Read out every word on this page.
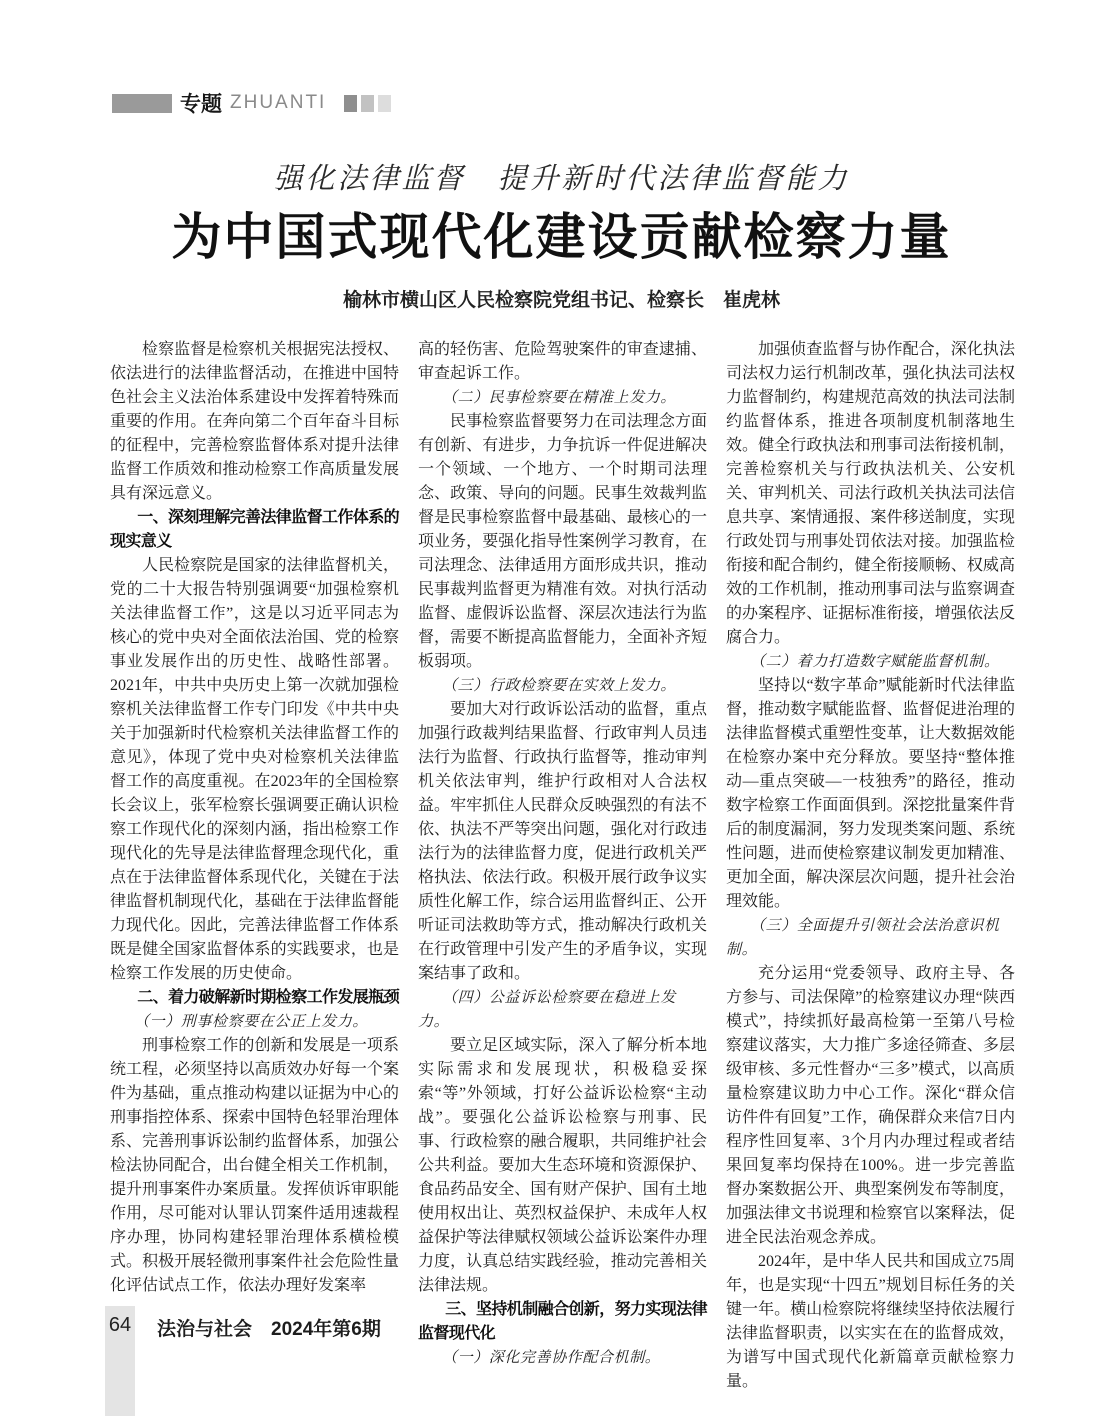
专题 ZHUANTI

强化法律监督　提升新时代法律监督能力

为中国式现代化建设贡献检察力量

榆林市横山区人民检察院党组书记、检察长　崔虎林

检察监督是检察机关根据宪法授权、依法进行的法律监督活动，在推进中国特色社会主义法治体系建设中发挥着特殊而重要的作用。在奔向第二个百年奋斗目标的征程中，完善检察监督体系对提升法律监督工作质效和推动检察工作高质量发展具有深远意义。

一、深刻理解完善法律监督工作体系的现实意义

人民检察院是国家的法律监督机关，党的二十大报告特别强调要“加强检察机关法律监督工作”，这是以习近平同志为核心的党中央对全面依法治国、党的检察事业发展作出的历史性、战略性部署。2021年，中共中央历史上第一次就加强检察机关法律监督工作专门印发《中共中央关于加强新时代检察机关法律监督工作的意见》，体现了党中央对检察机关法律监督工作的高度重视。在2023年的全国检察长会议上，张军检察长强调要正确认识检察工作现代化的深刻内涵，指出检察工作现代化的先导是法律监督理念现代化，重点在于法律监督体系现代化，关键在于法律监督机制现代化，基础在于法律监督能力现代化。因此，完善法律监督工作体系既是健全国家监督体系的实践要求，也是检察工作发展的历史使命。

二、着力破解新时期检察工作发展瓶颈

（一）刑事检察要在公正上发力。

刑事检察工作的创新和发展是一项系统工程，必须坚持以高质效办好每一个案件为基础，重点推动构建以证据为中心的刑事指控体系、探索中国特色轻罪治理体系、完善刑事诉讼制约监督体系，加强公检法协同配合，出台健全相关工作机制，提升刑事案件办案质量。发挥侦诉审职能作用，尽可能对认罪认罚案件适用速裁程序办理，协同构建轻罪治理体系横检模式。积极开展轻微刑事案件社会危险性量化评估试点工作，依法办理好发案率

高的轻伤害、危险驾驶案件的审查逮捕、审查起诉工作。

（二）民事检察要在精准上发力。

民事检察监督要努力在司法理念方面有创新、有进步，力争抗诉一件促进解决一个领域、一个地方、一个时期司法理念、政策、导向的问题。民事生效裁判监督是民事检察监督中最基础、最核心的一项业务，要强化指导性案例学习教育，在司法理念、法律适用方面形成共识，推动民事裁判监督更为精准有效。对执行活动监督、虚假诉讼监督、深层次违法行为监督，需要不断提高监督能力，全面补齐短板弱项。

（三）行政检察要在实效上发力。

要加大对行政诉讼活动的监督，重点加强行政裁判结果监督、行政审判人员违法行为监督、行政执行监督等，推动审判机关依法审判，维护行政相对人合法权益。牢牢抓住人民群众反映强烈的有法不依、执法不严等突出问题，强化对行政违法行为的法律监督力度，促进行政机关严格执法、依法行政。积极开展行政争议实质性化解工作，综合运用监督纠正、公开听证司法救助等方式，推动解决行政机关在行政管理中引发产生的矛盾争议，实现案结事了政和。

（四）公益诉讼检察要在稳进上发力。

要立足区域实际，深入了解分析本地实际需求和发展现状，积极稳妥探索“等”外领域，打好公益诉讼检察“主动战”。要强化公益诉讼检察与刑事、民事、行政检察的融合履职，共同维护社会公共利益。要加大生态环境和资源保护、食品药品安全、国有财产保护、国有土地使用权出让、英烈权益保护、未成年人权益保护等法律赋权领域公益诉讼案件办理力度，认真总结实践经验，推动完善相关法律法规。

三、坚持机制融合创新，努力实现法律监督现代化

（一）深化完善协作配合机制。

加强侦查监督与协作配合，深化执法司法权力运行机制改革，强化执法司法权力监督制约，构建规范高效的执法司法制约监督体系，推进各项制度机制落地生效。健全行政执法和刑事司法衔接机制，完善检察机关与行政执法机关、公安机关、审判机关、司法行政机关执法司法信息共享、案情通报、案件移送制度，实现行政处罚与刑事处罚依法对接。加强监检衔接和配合制约，健全衔接顺畅、权威高效的工作机制，推动刑事司法与监察调查的办案程序、证据标准衔接，增强依法反腐合力。

（二）着力打造数字赋能监督机制。

坚持以“数字革命”赋能新时代法律监督，推动数字赋能监督、监督促进治理的法律监督模式重塑性变革，让大数据效能在检察办案中充分释放。要坚持“整体推动—重点突破—一枝独秀”的路径，推动数字检察工作面面俱到。深挖批量案件背后的制度漏洞，努力发现类案问题、系统性问题，进而使检察建议制发更加精准、更加全面，解决深层次问题，提升社会治理效能。

（三）全面提升引领社会法治意识机制。

充分运用“党委领导、政府主导、各方参与、司法保障”的检察建议办理“陕西模式”，持续抓好最高检第一至第八号检察建议落实，大力推广多途径筛查、多层级审核、多元性督办“三多”模式，以高质量检察建议助力中心工作。深化“群众信访件件有回复”工作，确保群众来信7日内程序性回复率、3个月内办理过程或者结果回复率均保持在100%。进一步完善监督办案数据公开、典型案例发布等制度，加强法律文书说理和检察官以案释法，促进全民法治观念养成。

2024年，是中华人民共和国成立75周年，也是实现“十四五”规划目标任务的关键一年。横山检察院将继续坚持依法履行法律监督职责，以实实在在的监督成效，为谱写中国式现代化新篇章贡献检察力量。

64 法治与社会　2024年第6期
